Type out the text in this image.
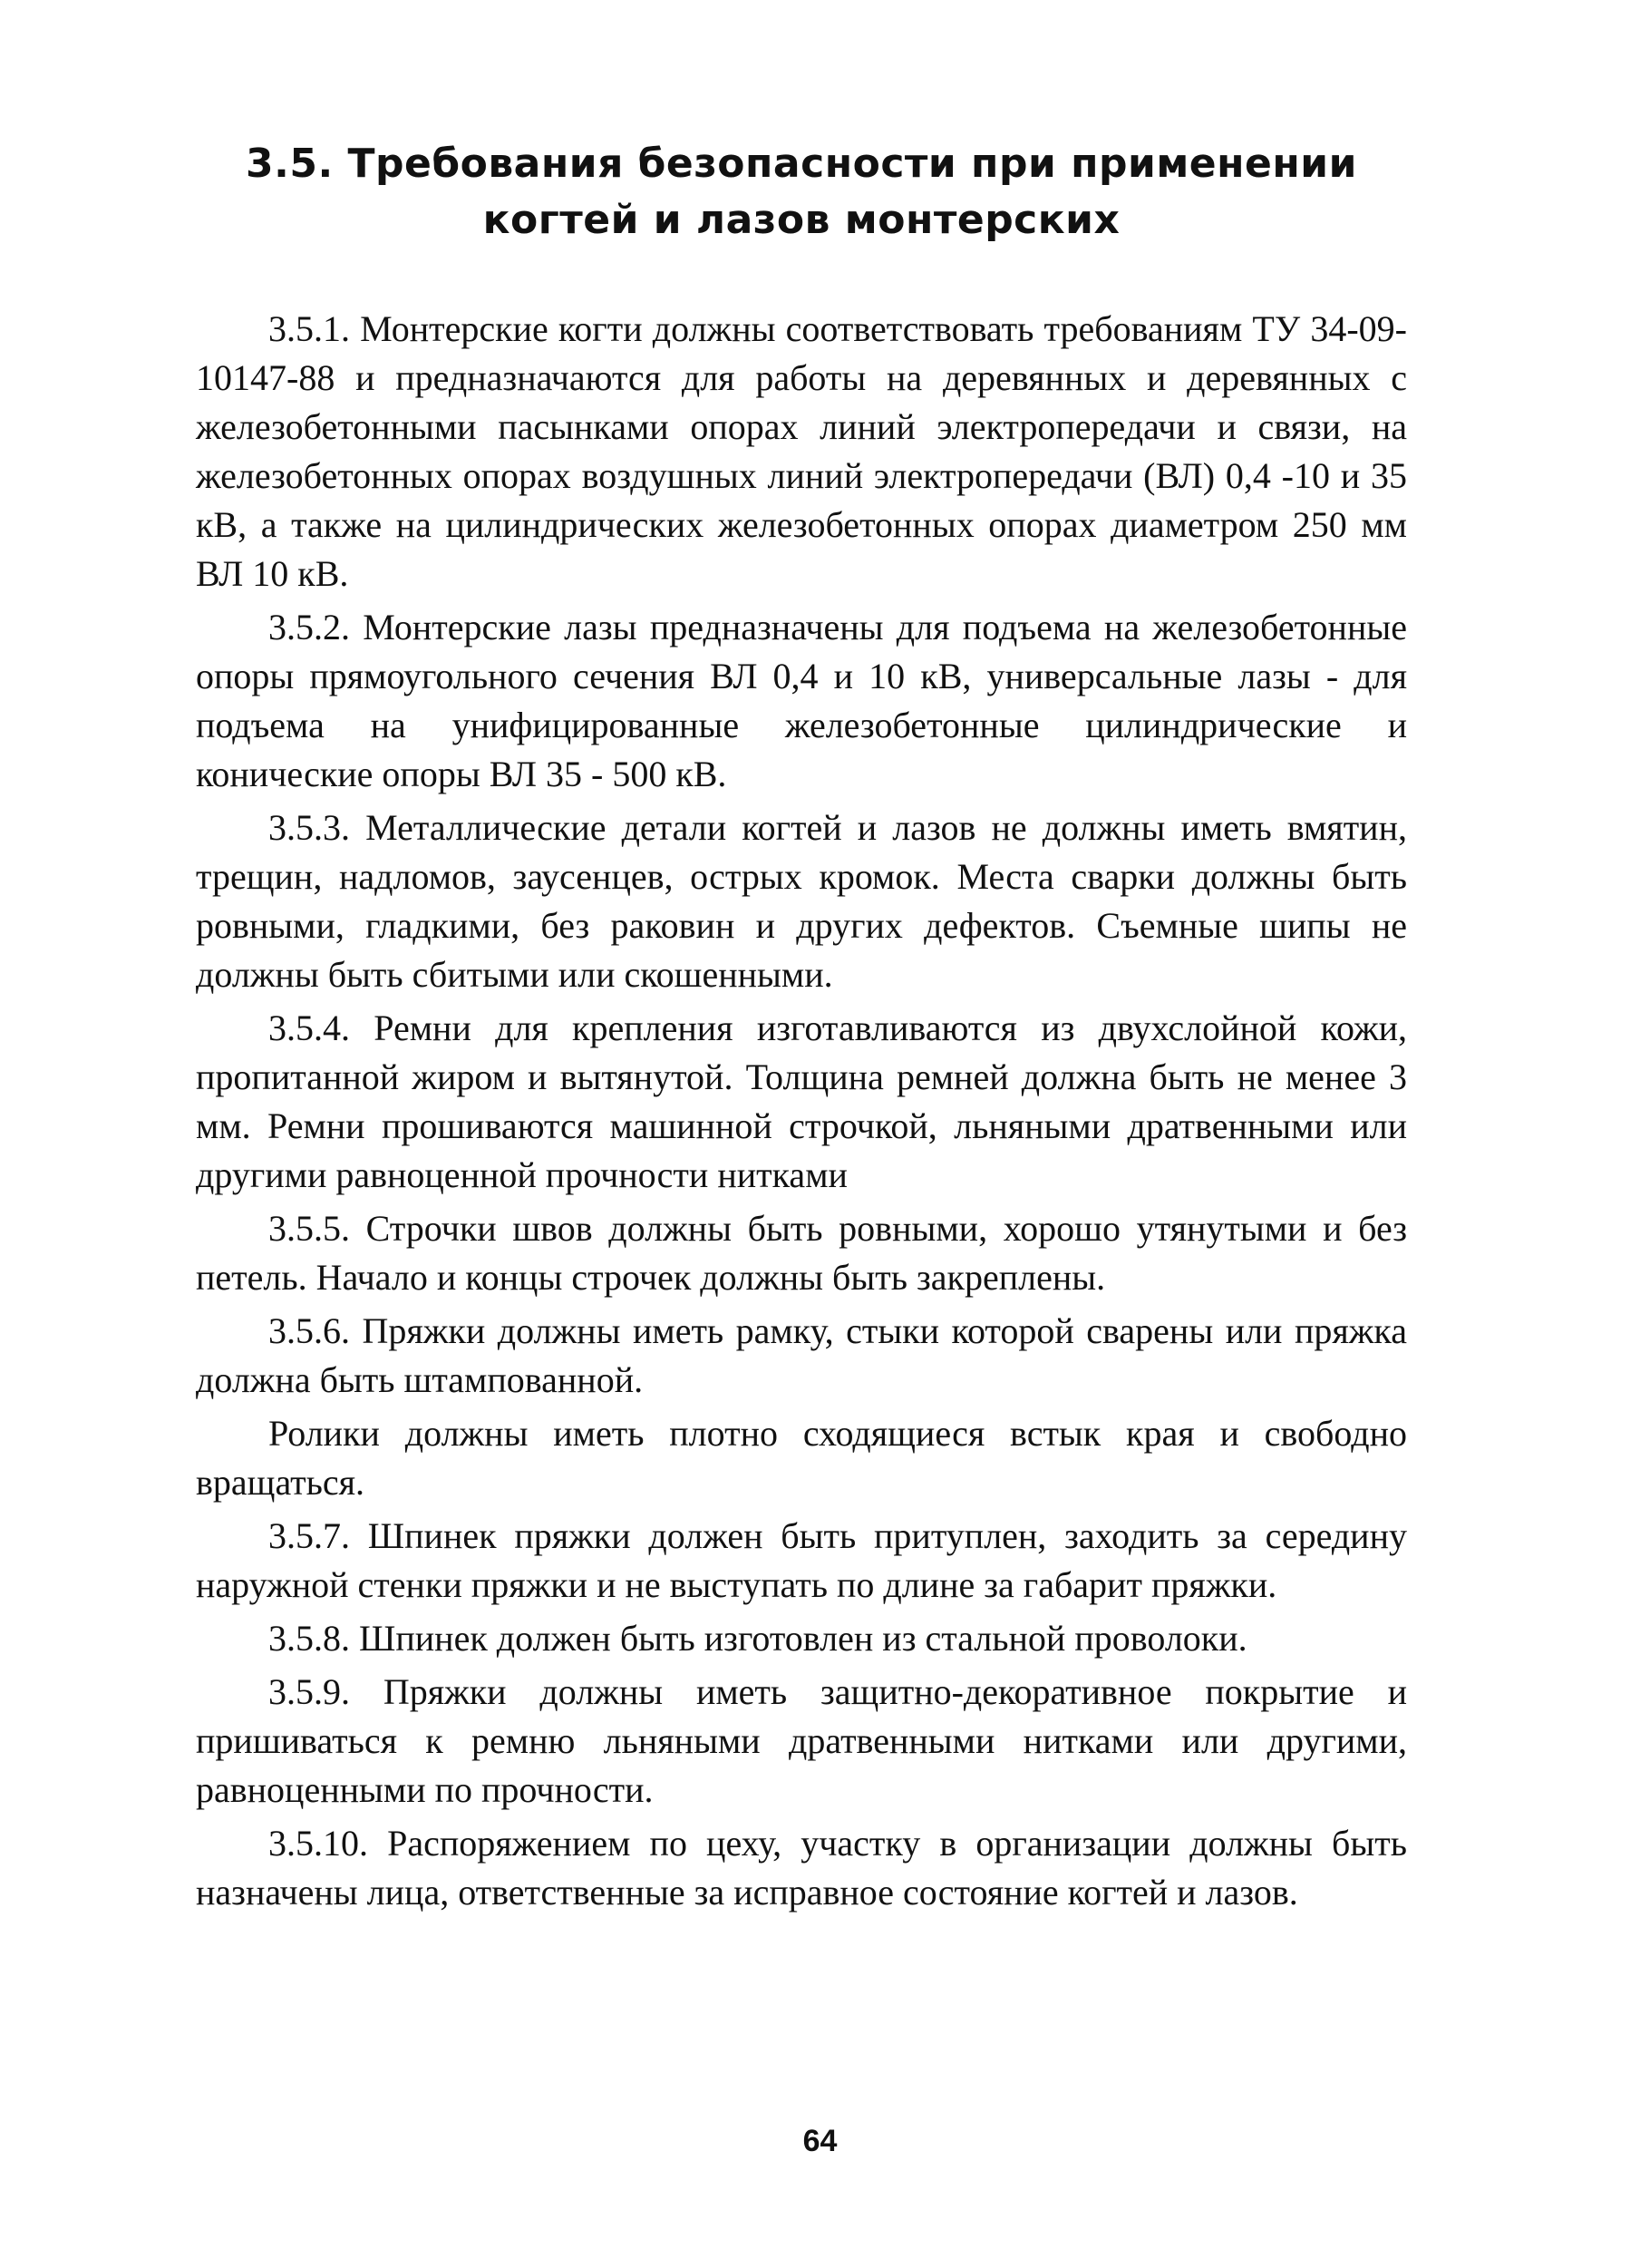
3.5. Требования безопасности при применении
когтей и лазов монтерских

3.5.1. Монтерские когти должны соответствовать требованиям ТУ 34-09-10147-88 и предназначаются для работы на деревянных и деревянных с железобетонными пасынками опорах линий электропередачи и связи, на железобетонных опорах воздушных линий электропередачи (ВЛ) 0,4 -10 и 35 кВ, а также на цилиндрических железобетонных опорах диаметром 250 мм ВЛ 10 кВ.

3.5.2. Монтерские лазы предназначены для подъема на железобетонные опоры прямоугольного сечения ВЛ 0,4 и 10 кВ, универсальные лазы - для подъема на унифицированные железобетонные цилиндрические и конические опоры ВЛ 35 - 500 кВ.

3.5.3. Металлические детали когтей и лазов не должны иметь вмятин, трещин, надломов, заусенцев, острых кромок. Места сварки должны быть ровными, гладкими, без раковин и других дефектов. Съемные шипы не должны быть сбитыми или скошенными.

3.5.4. Ремни для крепления изготавливаются из двухслойной кожи, пропитанной жиром и вытянутой. Толщина ремней должна быть не менее 3 мм. Ремни прошиваются машинной строчкой, льняными дратвенными или другими равноценной прочности нитками

3.5.5. Строчки швов должны быть ровными, хорошо утянутыми и без петель. Начало и концы строчек должны быть закреплены.

3.5.6. Пряжки должны иметь рамку, стыки которой сварены или пряжка должна быть штампованной.

Ролики должны иметь плотно сходящиеся встык края и свободно вращаться.

3.5.7. Шпинек пряжки должен быть притуплен, заходить за середину наружной стенки пряжки и не выступать по длине за габарит пряжки.

3.5.8. Шпинек должен быть изготовлен из стальной проволоки.

3.5.9. Пряжки должны иметь защитно-декоративное покрытие и пришиваться к ремню льняными дратвенными нитками или другими, равноценными по прочности.

3.5.10. Распоряжением по цеху, участку в организации должны быть назначены лица, ответственные за исправное состояние когтей и лазов.

64
